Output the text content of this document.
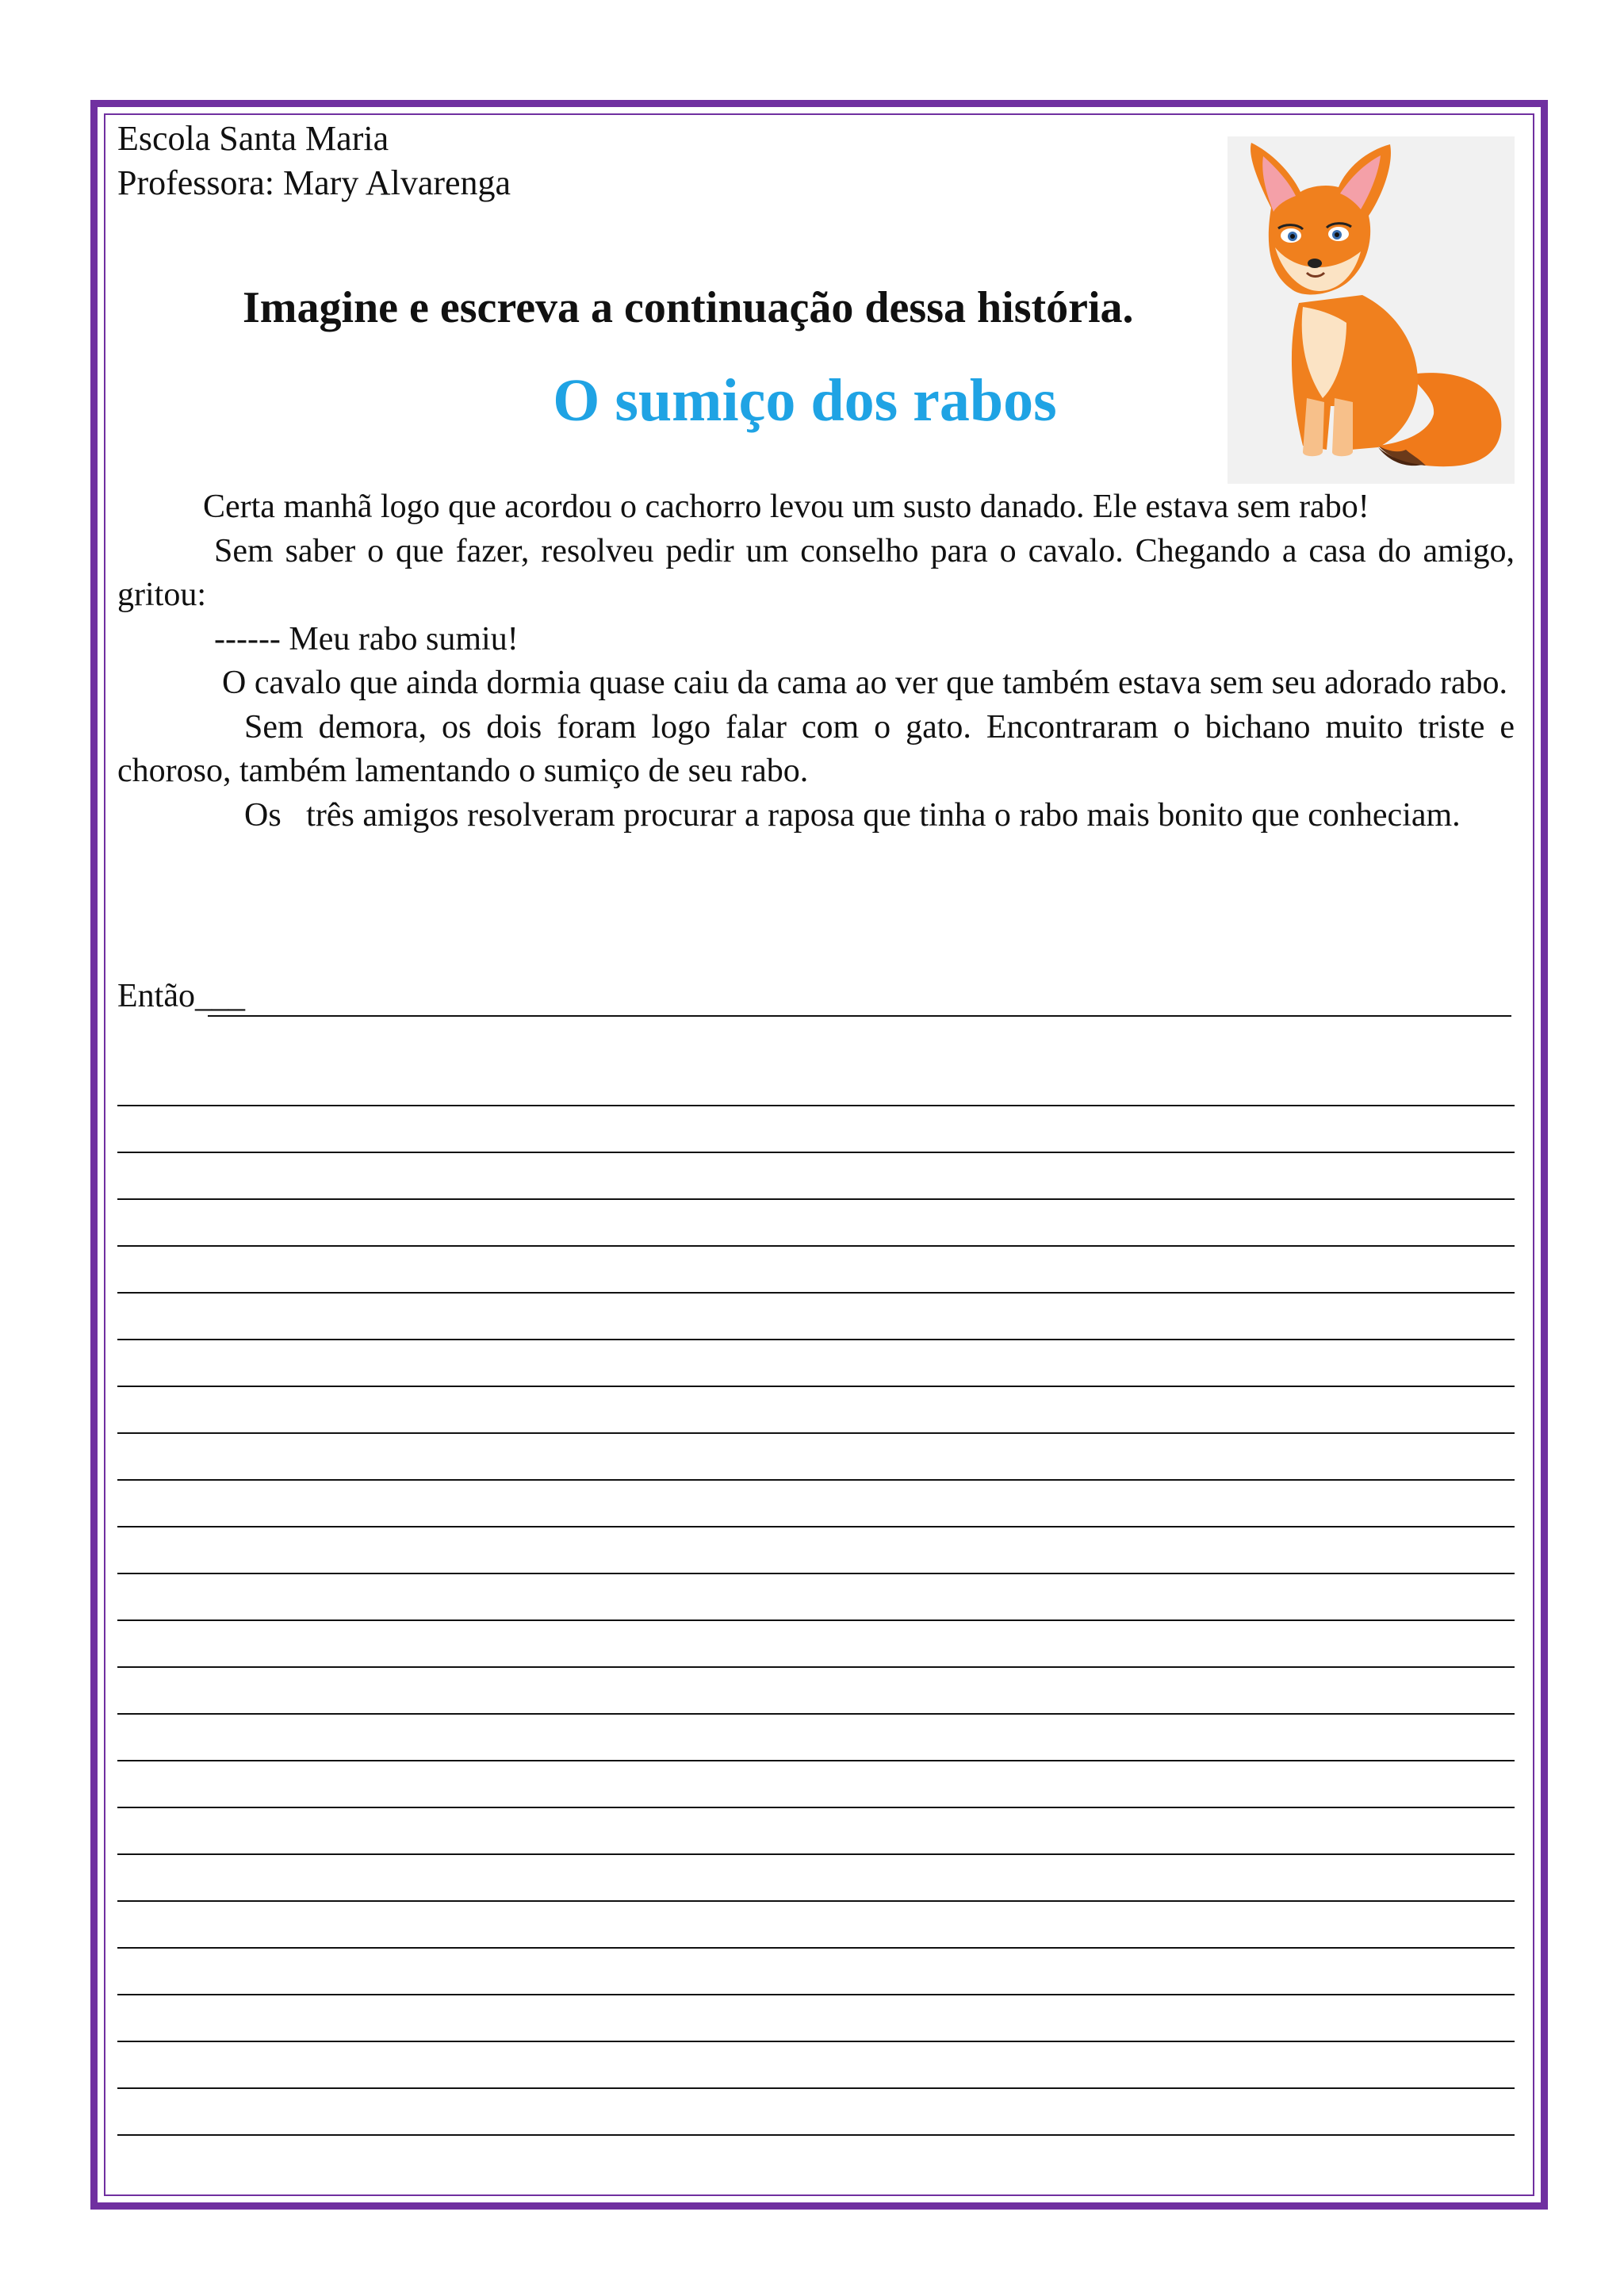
Escola Santa Maria
Professora: Mary Alvarenga
Imagine e escreva a continuação dessa história.
O sumiço dos rabos

Certa manhã logo que acordou o cachorro levou um susto danado. Ele estava sem rabo!

Sem saber o que fazer, resolveu pedir um conselho para o cavalo. Chegando a casa do amigo, gritou:

------ Meu rabo sumiu!

O cavalo que ainda dormia quase caiu da cama ao ver que também estava sem seu adorado rabo.

Sem demora, os dois foram logo falar com o gato. Encontraram o bichano muito triste e choroso, também lamentando o sumiço de seu rabo.

Os   três amigos resolveram procurar a raposa que tinha o rabo mais bonito que conheciam.

Então___
